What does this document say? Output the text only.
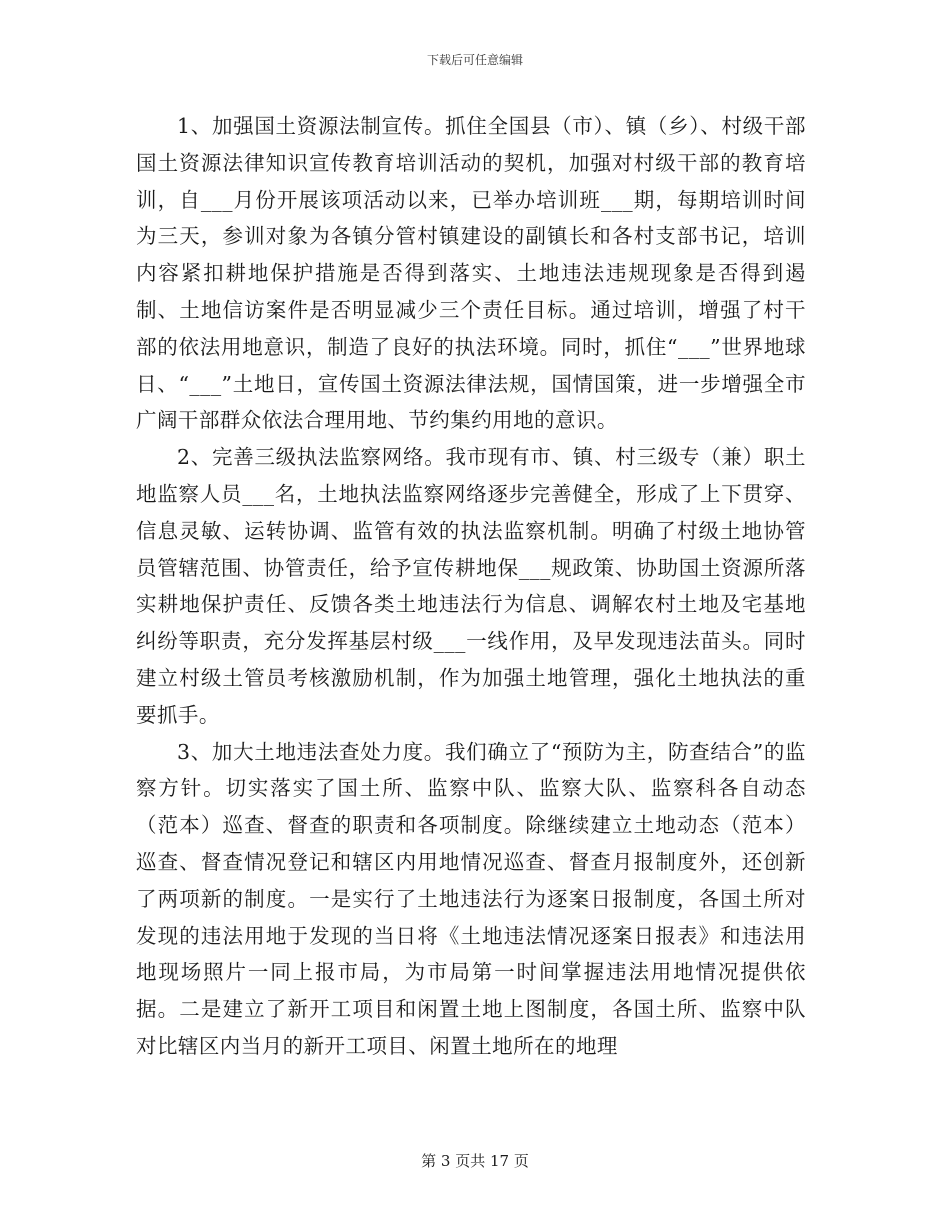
下载后可任意编辑

1、加强国土资源法制宣传。抓住全国县（市）、镇（乡）、村级干部国土资源法律知识宣传教育培训活动的契机，加强对村级干部的教育培训，自___月份开展该项活动以来，已举办培训班___期，每期培训时间为三天，参训对象为各镇分管村镇建设的副镇长和各村支部书记，培训内容紧扣耕地保护措施是否得到落实、土地违法违规现象是否得到遏制、土地信访案件是否明显减少三个责任目标。通过培训，增强了村干部的依法用地意识，制造了良好的执法环境。同时，抓住“___”世界地球日、“___”土地日，宣传国土资源法律法规，国情国策，进一步增强全市广阔干部群众依法合理用地、节约集约用地的意识。

2、完善三级执法监察网络。我市现有市、镇、村三级专（兼）职土地监察人员___名，土地执法监察网络逐步完善健全，形成了上下贯穿、信息灵敏、运转协调、监管有效的执法监察机制。明确了村级土地协管员管辖范围、协管责任，给予宣传耕地保___规政策、协助国土资源所落实耕地保护责任、反馈各类土地违法行为信息、调解农村土地及宅基地纠纷等职责，充分发挥基层村级___一线作用，及早发现违法苗头。同时建立村级土管员考核激励机制，作为加强土地管理，强化土地执法的重要抓手。

3、加大土地违法查处力度。我们确立了“预防为主，防查结合”的监察方针。切实落实了国土所、监察中队、监察大队、监察科各自动态（范本）巡查、督查的职责和各项制度。除继续建立土地动态（范本）巡查、督查情况登记和辖区内用地情况巡查、督查月报制度外，还创新了两项新的制度。一是实行了土地违法行为逐案日报制度，各国土所对发现的违法用地于发现的当日将《土地违法情况逐案日报表》和违法用地现场照片一同上报市局，为市局第一时间掌握违法用地情况提供依据。二是建立了新开工项目和闲置土地上图制度，各国土所、监察中队对比辖区内当月的新开工项目、闲置土地所在的地理

第 3 页共 17 页
